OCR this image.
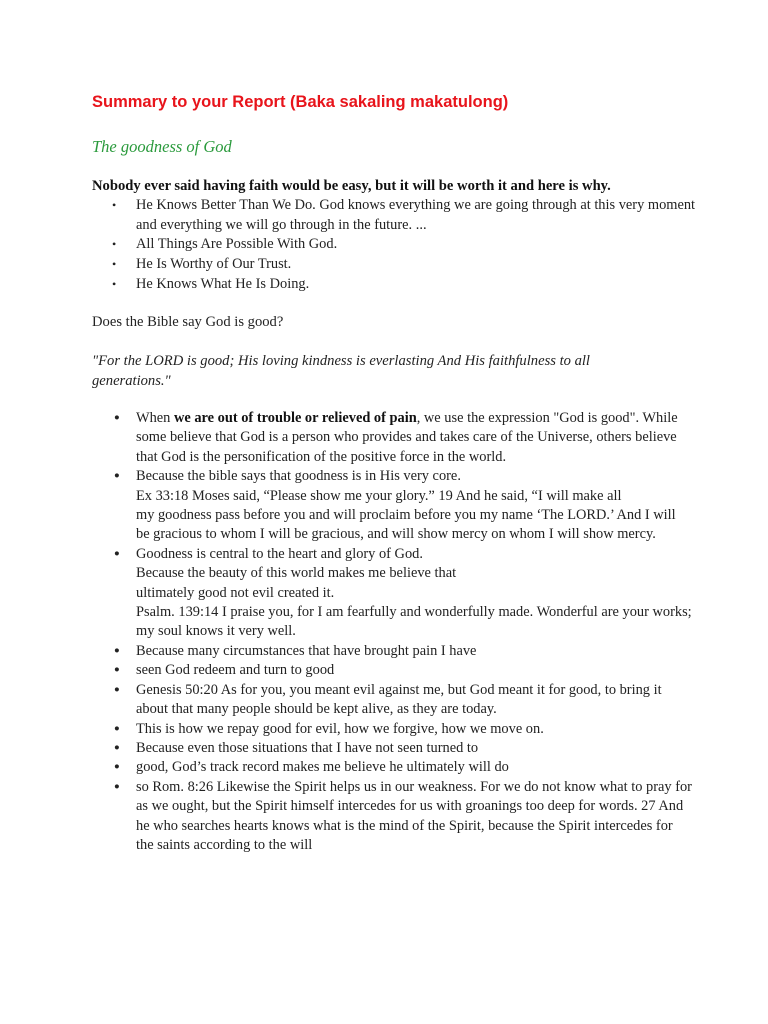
Summary to your Report (Baka sakaling makatulong)
The goodness of God
Nobody ever said having faith would be easy, but it will be worth it and here is why.
• He Knows Better Than We Do. God knows everything we are going through at this very moment and everything we will go through in the future. ...
• All Things Are Possible With God.
• He Is Worthy of Our Trust.
• He Knows What He Is Doing.
Does the Bible say God is good?
"For the LORD is good; His loving kindness is everlasting And His faithfulness to all generations."
● When we are out of trouble or relieved of pain, we use the expression "God is good". While some believe that God is a person who provides and takes care of the Universe, others believe that God is the personification of the positive force in the world.
● Because the bible says that goodness is in His very core.
Ex 33:18 Moses said, “Please show me your glory.” 19 And he said, “I will make all
my goodness pass before you and will proclaim before you my name ‘The LORD.’ And I will be gracious to whom I will be gracious, and will show mercy on whom I will show mercy.
● Goodness is central to the heart and glory of God.
Because the beauty of this world makes me believe that
ultimately good not evil created it.
Psalm. 139:14 I praise you, for I am fearfully and wonderfully made. Wonderful are your works; my soul knows it very well.
● Because many circumstances that have brought pain I have
● seen God redeem and turn to good
● Genesis 50:20 As for you, you meant evil against me, but God meant it for good, to bring it about that many people should be kept alive, as they are today.
● This is how we repay good for evil, how we forgive, how we move on.
● Because even those situations that I have not seen turned to
● good, God’s track record makes me believe he ultimately will do
● so Rom. 8:26 Likewise the Spirit helps us in our weakness. For we do not know what to pray for as we ought, but the Spirit himself intercedes for us with groanings too deep for words. 27 And he who searches hearts knows what is the mind of the Spirit, because the Spirit intercedes for the saints according to the will
